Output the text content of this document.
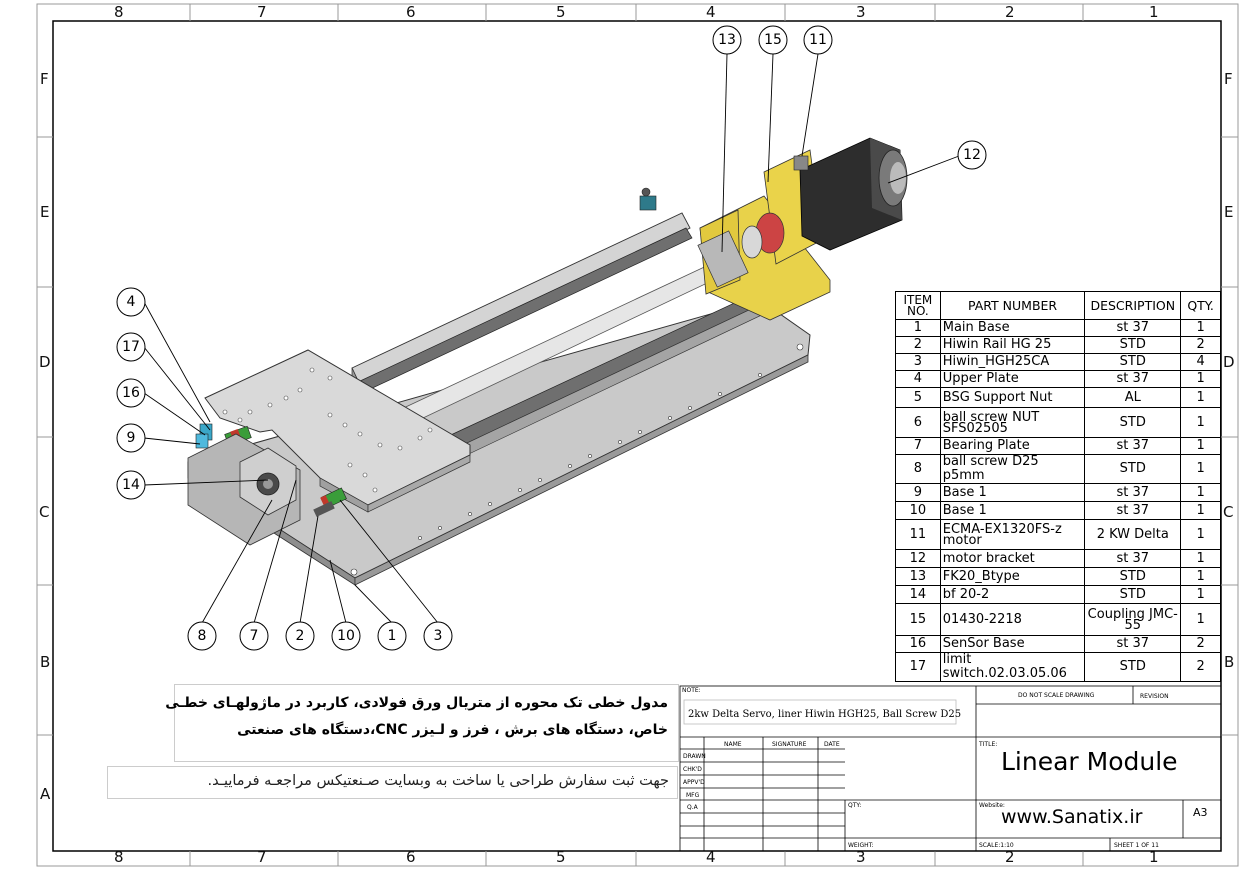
8	7	6	5	4	3	2	1
8	7	6	5	4	3	2	1
F
E
D
C
B
A
F
E
D
C
B
13 15 11
12
4
17
16
9
14
8	7	2 10 1	3
ITEM NO.	PART NUMBER	DESCRIPTION	QTY.
1	Main Base	st 37	1
2	Hiwin Rail HG 25	STD	2
3	Hiwin_HGH25CA	STD	4
4	Upper Plate	st 37	1
5	BSG Support Nut	AL	1
6	ball screw NUT SFS02505	STD	1
7	Bearing Plate	st 37	1
8	ball screw D25 p5mm	STD	1
9	Base 1	st 37	1
10	Base 1	st 37	1
11	ECMA-EX1320FS-z motor	2 KW Delta	1
12	motor bracket	st 37	1
13	FK20_Btype	STD	1
14	bf 20-2	STD	1
15	01430-2218	Coupling JMC-55	1
16	SenSor Base	st 37	2
17	limit switch.02.03.05.06	STD	2
مدول خطی تک محوره از متریال ورق فولادی، کاربرد در ماژولهـای خطـی
خاص، دستگاه های برش ، فرز و لـیزر CNC،دستگاه های صنعتی
جهت ثبت سفارش طراحی یا ساخت به وبسایت صـنعتیکس مراجعـه فرماییـد.
NOTE:
2kw Delta Servo, liner Hiwin HGH25, Ball Screw D25
DO NOT SCALE DRAWING	REVISION
NAME	SIGNATURE	DATE
DRAWN
CHK'D
APPV'D
MFG
Q.A
TITLE:
Linear Module
QTY:	Website:
www.Sanatix.ir	A3
WEIGHT:	SCALE:1:10	SHEET 1 OF 11
